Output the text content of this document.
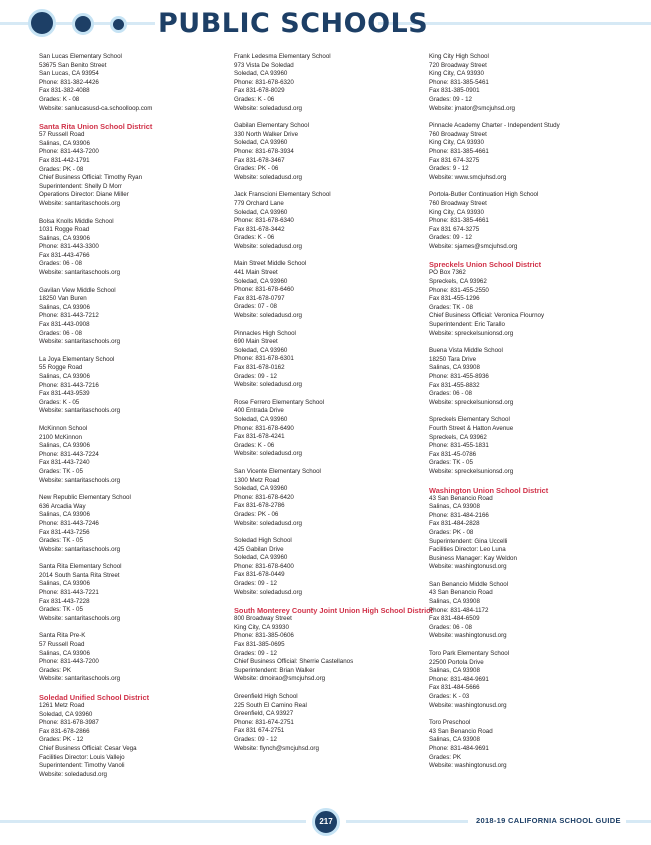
PUBLIC SCHOOLS
San Lucas Elementary School
53675 San Benito Street
San Lucas, CA 93954
Phone: 831-382-4426
Fax 831-382-4088
Grades: K - 08
Website: sanlucasusd-ca.schoolloop.com
Santa Rita Union School District
57 Russell Road
Salinas, CA 93906
Phone: 831-443-7200
Fax 831-442-1791
Grades: PK - 08
Chief Business Official: Timothy Ryan
Superintendent: Shelly D Morr
Operations Director: Diane Miller
Website: santaritaschools.org
Bolsa Knolls Middle School
1031 Rogge Road
Salinas, CA 93906
Phone: 831-443-3300
Fax 831-443-4766
Grades: 06 - 08
Website: santaritaschools.org
Gavilan View Middle School
18250 Van Buren
Salinas, CA 93906
Phone: 831-443-7212
Fax 831-443-0908
Grades: 06 - 08
Website: santaritaschools.org
La Joya Elementary School
55 Rogge Road
Salinas, CA 93906
Phone: 831-443-7216
Fax 831-443-9539
Grades: K - 05
Website: santaritaschools.org
McKinnon School
2100 McKinnon
Salinas, CA 93906
Phone: 831-443-7224
Fax 831-443-7240
Grades: TK - 05
Website: santaritaschools.org
New Republic Elementary School
636 Arcadia Way
Salinas, CA 93906
Phone: 831-443-7246
Fax 831-443-7256
Grades: TK - 05
Website: santaritaschools.org
Santa Rita Elementary School
2014 South Santa Rita Street
Salinas, CA 93906
Phone: 831-443-7221
Fax 831-443-7228
Grades: TK - 05
Website: santaritaschools.org
Santa Rita Pre-K
57 Russell Road
Salinas, CA 93906
Phone: 831-443-7200
Grades: PK
Website: santaritaschools.org
Soledad Unified School District
1261 Metz Road
Soledad, CA 93960
Phone: 831-678-3987
Fax 831-678-2866
Grades: PK - 12
Chief Business Official: Cesar Vega
Facilities Director: Louis Vallejo
Superintendent: Timothy Vanoli
Website: soledadusd.org
Frank Ledesma Elementary School
973 Vista De Soledad
Soledad, CA 93960
Phone: 831-678-6320
Fax 831-678-8029
Grades: K - 06
Website: soledadusd.org
Gabilan Elementary School
330 North Walker Drive
Soledad, CA 93960
Phone: 831-678-3934
Fax 831-678-3467
Grades: PK - 06
Website: soledadusd.org
Jack Franscioni Elementary School
779 Orchard Lane
Soledad, CA 93960
Phone: 831-678-6340
Fax 831-678-3442
Grades: K - 06
Website: soledadusd.org
Main Street Middle School
441 Main Street
Soledad, CA 93960
Phone: 831-678-6460
Fax 831-678-0797
Grades: 07 - 08
Website: soledadusd.org
Pinnacles High School
690 Main Street
Soledad, CA 93960
Phone: 831-678-6301
Fax 831-678-0162
Grades: 09 - 12
Website: soledadusd.org
Rose Ferrero Elementary School
400 Entrada Drive
Soledad, CA 93960
Phone: 831-678-6490
Fax 831-678-4241
Grades: K - 06
Website: soledadusd.org
San Vicente Elementary School
1300 Metz Road
Soledad, CA 93960
Phone: 831-678-6420
Fax 831-678-2786
Grades: PK - 06
Website: soledadusd.org
Soledad High School
425 Gabilan Drive
Soledad, CA 93960
Phone: 831-678-6400
Fax 831-678-0449
Grades: 09 - 12
Website: soledadusd.org
South Monterey County Joint Union High School District
800 Broadway Street
King City, CA 93930
Phone: 831-385-0606
Fax 831-385-0695
Grades: 09 - 12
Chief Business Official: Sherrie Castellanos
Superintendent: Brian Walker
Website: dmoirao@smcjuhsd.org
Greenfield High School
225 South El Camino Real
Greenfield, CA 93927
Phone: 831-674-2751
Fax 831 674-2751
Grades: 09 - 12
Website: flynch@smcjuhsd.org
King City High School
720 Broadway Street
King City, CA 93930
Phone: 831-385-5461
Fax 831-385-0901
Grades: 09 - 12
Website: jmator@smcjuhsd.org
Pinnacle Academy Charter - Independent Study
760 Broadway Street
King City, CA 93930
Phone: 831-385-4661
Fax 831 674-3275
Grades: 9 - 12
Website: www.smcjuhsd.org
Portola-Butler Continuation High School
760 Broadway Street
King City, CA 93930
Phone: 831-385-4661
Fax 831 674-3275
Grades: 09 - 12
Website: sjames@smcjuhsd.org
Spreckels Union School District
PO Box 7362
Spreckels, CA 93962
Phone: 831-455-2550
Fax 831-455-1296
Grades: TK - 08
Chief Business Official: Veronica Flournoy
Superintendent: Eric Tarallo
Website: spreckelsunionsd.org
Buena Vista Middle School
18250 Tara Drive
Salinas, CA 93908
Phone: 831-455-8936
Fax 831-455-8832
Grades: 06 - 08
Website: spreckelsunionsd.org
Spreckels Elementary School
Fourth Street & Hatton Avenue
Spreckels, CA 93962
Phone: 831-455-1831
Fax 831-45-0786
Grades: TK - 05
Website: spreckelsunionsd.org
Washington Union School District
43 San Benancio Road
Salinas, CA 93908
Phone: 831-484-2166
Fax 831-484-2828
Grades: PK - 08
Superintendent: Gina Uccelli
Facilities Director: Leo Luna
Business Manager: Kay Weldon
Website: washingtonusd.org
San Benancio Middle School
43 San Benancio Road
Salinas, CA 93908
Phone: 831-484-1172
Fax 831-484-6509
Grades: 06 - 08
Website: washingtonusd.org
Toro Park Elementary School
22500 Portola Drive
Salinas, CA 93908
Phone: 831-484-9691
Fax 831-484-5666
Grades: K - 03
Website: washingtonusd.org
Toro Preschool
43 San Benancio Road
Salinas, CA 93908
Phone: 831-484-9691
Grades: PK
Website: washingtonusd.org
217	2018-19 CALIFORNIA SCHOOL GUIDE
